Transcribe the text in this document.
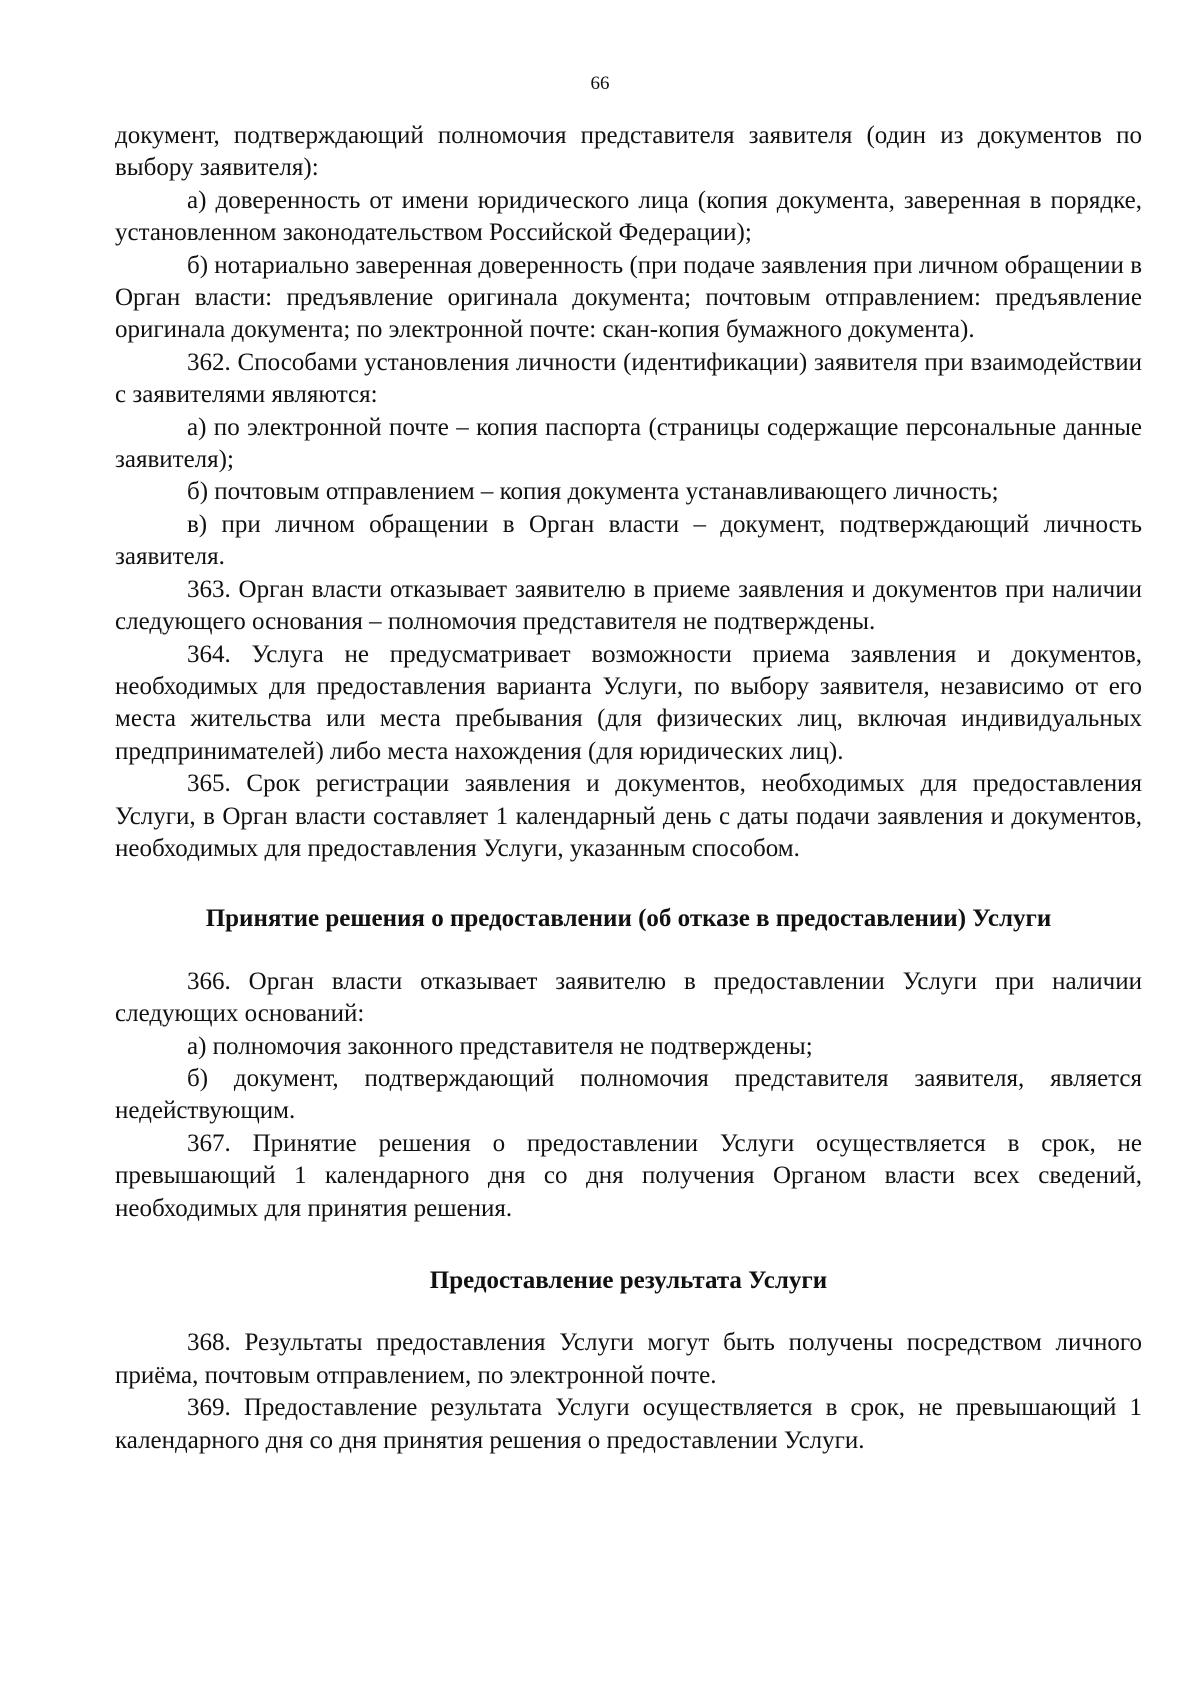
66

документ, подтверждающий полномочия представителя заявителя (один из документов по выбору заявителя):

а) доверенность от имени юридического лица (копия документа, заверенная в порядке, установленном законодательством Российской Федерации);

б) нотариально заверенная доверенность (при подаче заявления при личном обращении в Орган власти: предъявление оригинала документа; почтовым отправлением: предъявление оригинала документа; по электронной почте: скан-копия бумажного документа).

362. Способами установления личности (идентификации) заявителя при взаимодействии с заявителями являются:

а) по электронной почте – копия паспорта (страницы содержащие персональные данные заявителя);

б) почтовым отправлением – копия документа устанавливающего личность;

в) при личном обращении в Орган власти – документ, подтверждающий личность заявителя.

363. Орган власти отказывает заявителю в приеме заявления и документов при наличии следующего основания – полномочия представителя не подтверждены.

364. Услуга не предусматривает возможности приема заявления и документов, необходимых для предоставления варианта Услуги, по выбору заявителя, независимо от его места жительства или места пребывания (для физических лиц, включая индивидуальных предпринимателей) либо места нахождения (для юридических лиц).

365. Срок регистрации заявления и документов, необходимых для предоставления Услуги, в Орган власти составляет 1 календарный день с даты подачи заявления и документов, необходимых для предоставления Услуги, указанным способом.

Принятие решения о предоставлении (об отказе в предоставлении) Услуги

366. Орган власти отказывает заявителю в предоставлении Услуги при наличии следующих оснований:

а) полномочия законного представителя не подтверждены;

б) документ, подтверждающий полномочия представителя заявителя, является недействующим.

367. Принятие решения о предоставлении Услуги осуществляется в срок, не превышающий 1 календарного дня со дня получения Органом власти всех сведений, необходимых для принятия решения.

Предоставление результата Услуги

368. Результаты предоставления Услуги могут быть получены посредством личного приёма, почтовым отправлением, по электронной почте.

369. Предоставление результата Услуги осуществляется в срок, не превышающий 1 календарного дня со дня принятия решения о предоставлении Услуги.
